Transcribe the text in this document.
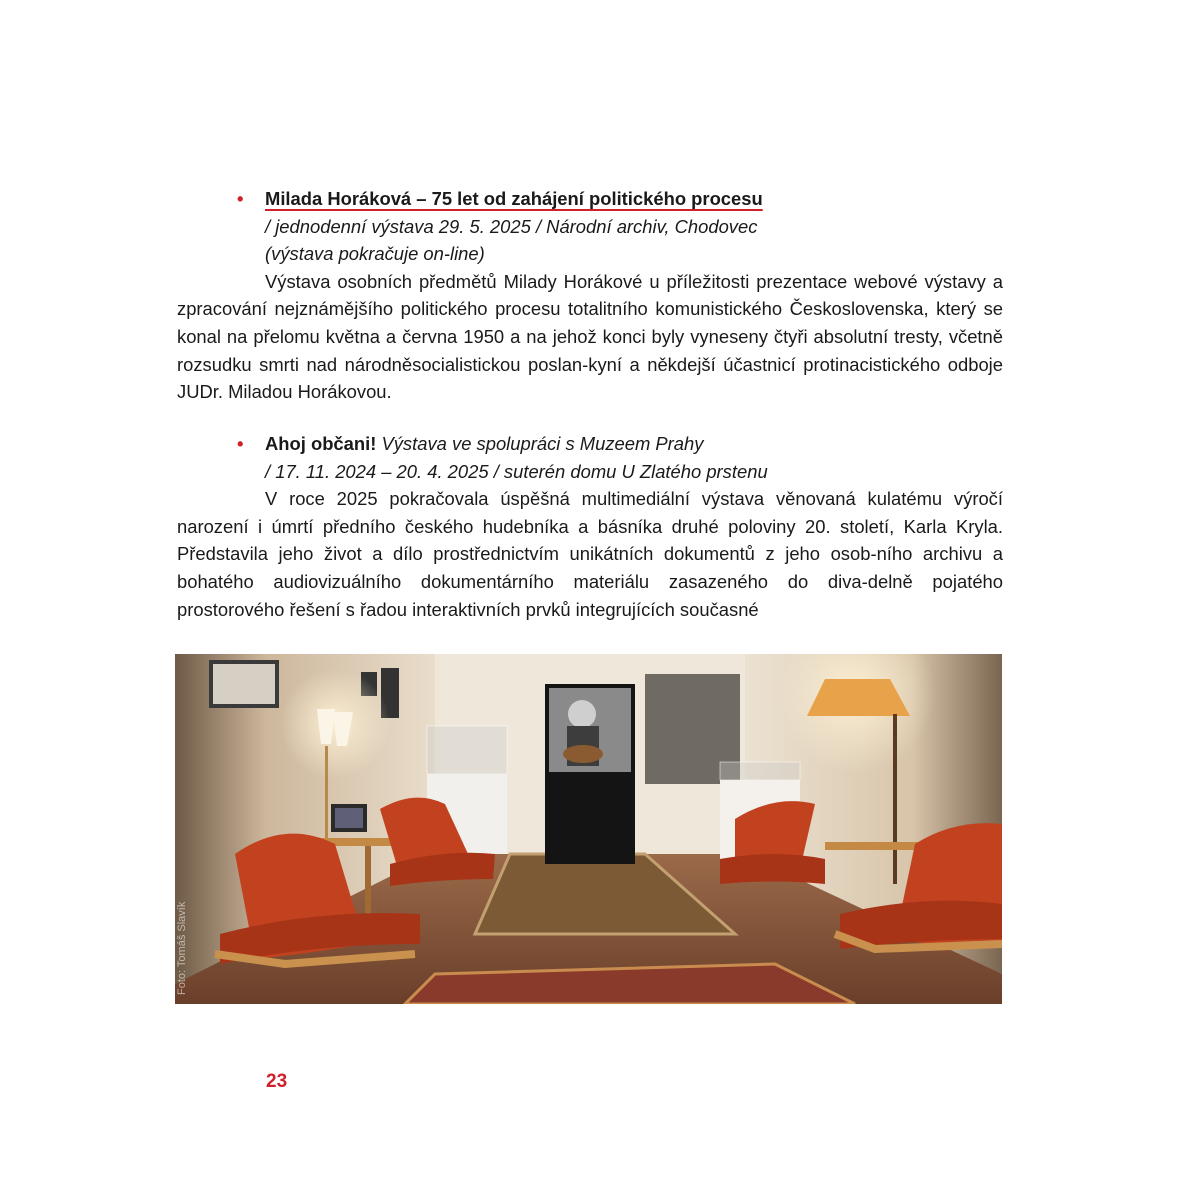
• Milada Horáková – 75 let od zahájení politického procesu
/ jednodenní výstava 29. 5. 2025 / Národní archiv, Chodovec
(výstava pokračuje on-line)

Výstava osobních předmětů Milady Horákové u příležitosti prezentace webové výstavy a zpracování nejznámějšího politického procesu totalitního komunistického Československa, který se konal na přelomu května a června 1950 a na jehož konci byly vyneseny čtyři absolutní tresty, včetně rozsudku smrti nad národněsocialistickou poslan-kyní a někdejší účastnicí protinacistického odboje JUDr. Miladou Horákovou.

• Ahoj občani! Výstava ve spolupráci s Muzeem Prahy
/ 17. 11. 2024 – 20. 4. 2025 / suterén domu U Zlatého prstenu

V roce 2025 pokračovala úspěšná multimediální výstava věnovaná kulatému výročí narození i úmrtí předního českého hudebníka a básníka druhé poloviny 20. století, Karla Kryla. Představila jeho život a dílo prostřednictvím unikátních dokumentů z jeho osob-ního archivu a bohatého audiovizuálního dokumentárního materiálu zasazeného do diva-delně pojatého prostorového řešení s řadou interaktivních prvků integrujících současné

Foto: Tomáš Slavík
23
